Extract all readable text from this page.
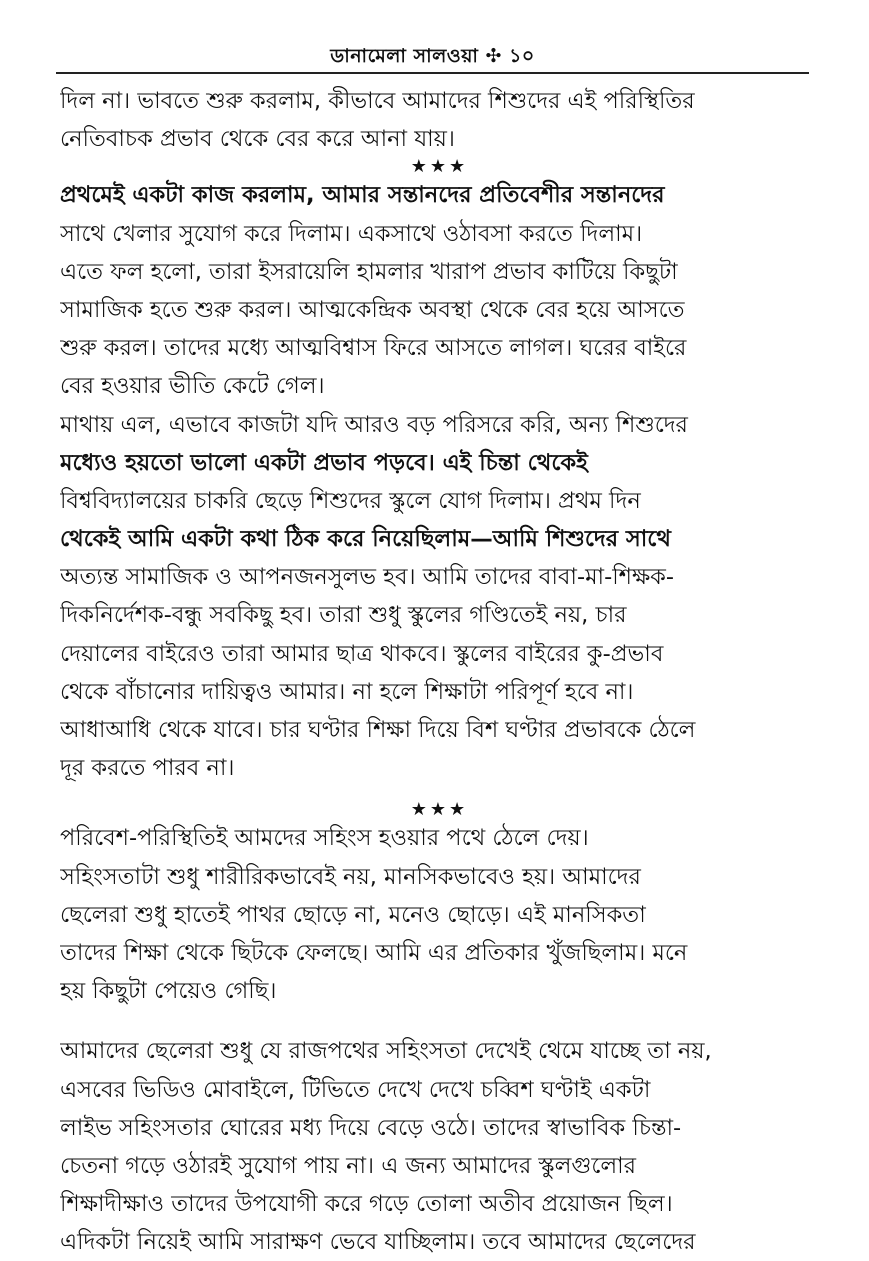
ডানামেলা সালওয়া ✣ ১০
দিল না। ভাবতে শুরু করলাম, কীভাবে আমাদের শিশুদের এই পরিস্থিতির
নেতিবাচক প্রভাব থেকে বের করে আনা যায়।
★★★
প্রথমেই একটা কাজ করলাম, আমার সন্তানদের প্রতিবেশীর সন্তানদের
সাথে খেলার সুযোগ করে দিলাম। একসাথে ওঠাবসা করতে দিলাম।
এতে ফল হলো, তারা ইসরায়েলি হামলার খারাপ প্রভাব কাটিয়ে কিছুটা
সামাজিক হতে শুরু করল। আত্মকেন্দ্রিক অবস্থা থেকে বের হয়ে আসতে
শুরু করল। তাদের মধ্যে আত্মবিশ্বাস ফিরে আসতে লাগল। ঘরের বাইরে
বের হওয়ার ভীতি কেটে গেল।
মাথায় এল, এভাবে কাজটা যদি আরও বড় পরিসরে করি, অন্য শিশুদের
মধ্যেও হয়তো ভালো একটা প্রভাব পড়বে। এই চিন্তা থেকেই
বিশ্ববিদ্যালয়ের চাকরি ছেড়ে শিশুদের স্কুলে যোগ দিলাম। প্রথম দিন
থেকেই আমি একটা কথা ঠিক করে নিয়েছিলাম—আমি শিশুদের সাথে
অত্যন্ত সামাজিক ও আপনজনসুলভ হব। আমি তাদের বাবা-মা-শিক্ষক-
দিকনির্দেশক-বন্ধু সবকিছু হব। তারা শুধু স্কুলের গণ্ডিতেই নয়, চার
দেয়ালের বাইরেও তারা আমার ছাত্র থাকবে। স্কুলের বাইরের কু-প্রভাব
থেকে বাঁচানোর দায়িত্বও আমার। না হলে শিক্ষাটা পরিপূর্ণ হবে না।
আধাআধি থেকে যাবে। চার ঘণ্টার শিক্ষা দিয়ে বিশ ঘণ্টার প্রভাবকে ঠেলে
দূর করতে পারব না।
★★★
পরিবেশ-পরিস্থিতিই আমদের সহিংস হওয়ার পথে ঠেলে দেয়।
সহিংসতাটা শুধু শারীরিকভাবেই নয়, মানসিকভাবেও হয়। আমাদের
ছেলেরা শুধু হাতেই পাথর ছোড়ে না, মনেও ছোড়ে। এই মানসিকতা
তাদের শিক্ষা থেকে ছিটকে ফেলছে। আমি এর প্রতিকার খুঁজছিলাম। মনে
হয় কিছুটা পেয়েও গেছি।
আমাদের ছেলেরা শুধু যে রাজপথের সহিংসতা দেখেই থেমে যাচ্ছে তা নয়,
এসবের ভিডিও মোবাইলে, টিভিতে দেখে দেখে চব্বিশ ঘণ্টাই একটা
লাইভ সহিংসতার ঘোরের মধ্য দিয়ে বেড়ে ওঠে। তাদের স্বাভাবিক চিন্তা-
চেতনা গড়ে ওঠারই সুযোগ পায় না। এ জন্য আমাদের স্কুলগুলোর
শিক্ষাদীক্ষাও তাদের উপযোগী করে গড়ে তোলা অতীব প্রয়োজন ছিল।
এদিকটা নিয়েই আমি সারাক্ষণ ভেবে যাচ্ছিলাম। তবে আমাদের ছেলেদের
